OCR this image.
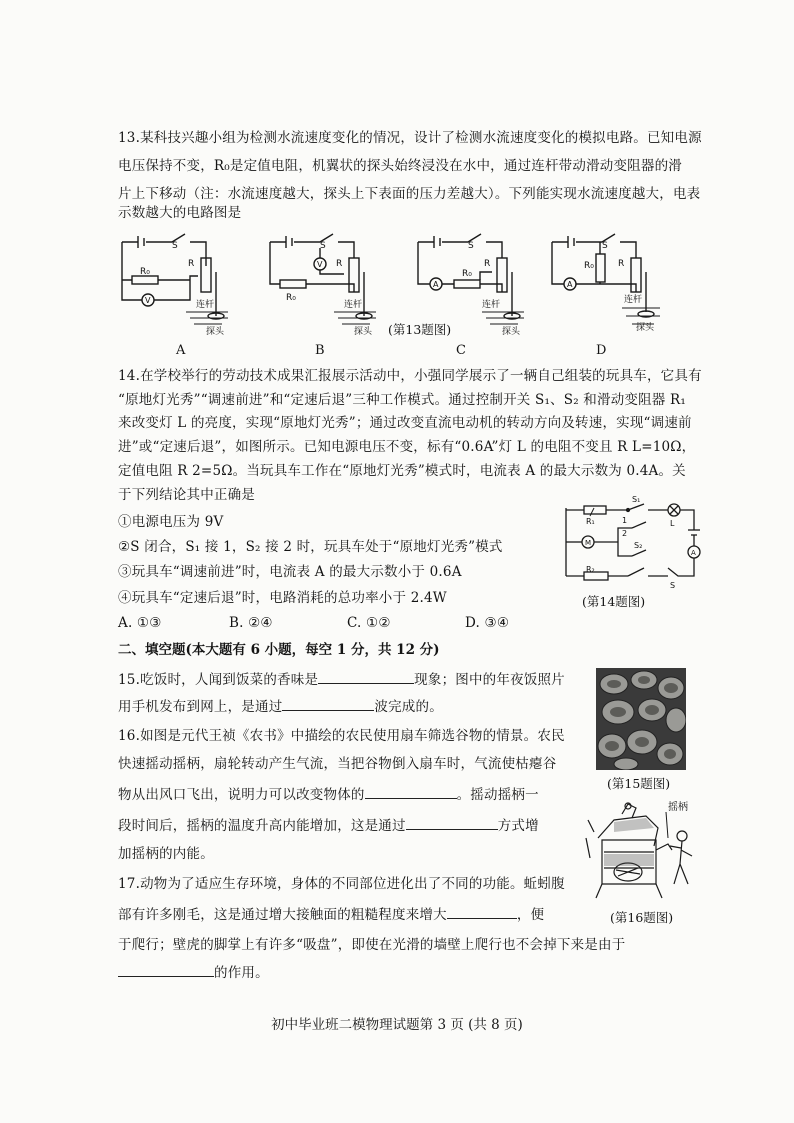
13.某科技兴趣小组为检测水流速度变化的情况，设计了检测水流速度变化的模拟电路。已知电源
电压保持不变，R₀是定值电阻，机翼状的探头始终浸没在水中，通过连杆带动滑动变阻器的滑
片上下移动（注：水流速度越大，探头上下表面的压力差越大）。下列能实现水流速度越大，电表
示数越大的电路图是
S
R
R₀
V	连杆
探头
S
R
R₀
V
连杆
探头
S
R
R₀
A
连杆
探头
S
R
R₀
A
连杆
探头
(第13题图)
A	B	C	D
14.在学校举行的劳动技术成果汇报展示活动中，小强同学展示了一辆自己组装的玩具车，它具有
“原地灯光秀”“调速前进”和“定速后退”三种工作模式。通过控制开关 S₁、S₂ 和滑动变阻器 R₁
来改变灯 L 的亮度，实现“原地灯光秀”；通过改变直流电动机的转动方向及转速，实现“调速前
进”或“定速后退”，如图所示。已知电源电压不变，标有“0.6A”灯 L 的电阻不变且 R L=10Ω，
定值电阻 R 2=5Ω。当玩具车工作在“原地灯光秀”模式时，电流表 A 的最大示数为 0.4A。关
于下列结论其中正确是
①电源电压为 9V
②S 闭合，S₁ 接 1，S₂ 接 2 时，玩具车处于“原地灯光秀”模式
③玩具车“调速前进”时，电流表 A 的最大示数小于 0.6A
④玩具车“定速后退”时，电路消耗的总功率小于 2.4W
A. ①③	B. ②④	C. ①②	D. ③④
S₁
R₁	L
M
A
S₂
R₂
S
1
2
(第14题图)
二、填空题(本大题有 6 小题，每空 1 分，共 12 分)
15.吃饭时，人闻到饭菜的香味是	现象；图中的年夜饭照片
用手机发布到网上，是通过	波完成的。
(第15题图)
16.如图是元代王祯《农书》中描绘的农民使用扇车筛选谷物的情景。农民
快速摇动摇柄，扇轮转动产生气流，当把谷物倒入扇车时，气流使枯瘪谷
物从出风口飞出，说明力可以改变物体的	。摇动摇柄一
段时间后，摇柄的温度升高内能增加，这是通过	方式增
加摇柄的内能。
摇柄
(第16题图)
17.动物为了适应生存环境，身体的不同部位进化出了不同的功能。蚯蚓腹
部有许多刚毛，这是通过增大接触面的粗糙程度来增大	，便
于爬行；壁虎的脚掌上有许多“吸盘”，即使在光滑的墙壁上爬行也不会掉下来是由于
的作用。
初中毕业班二模物理试题第 3 页 (共 8 页)
